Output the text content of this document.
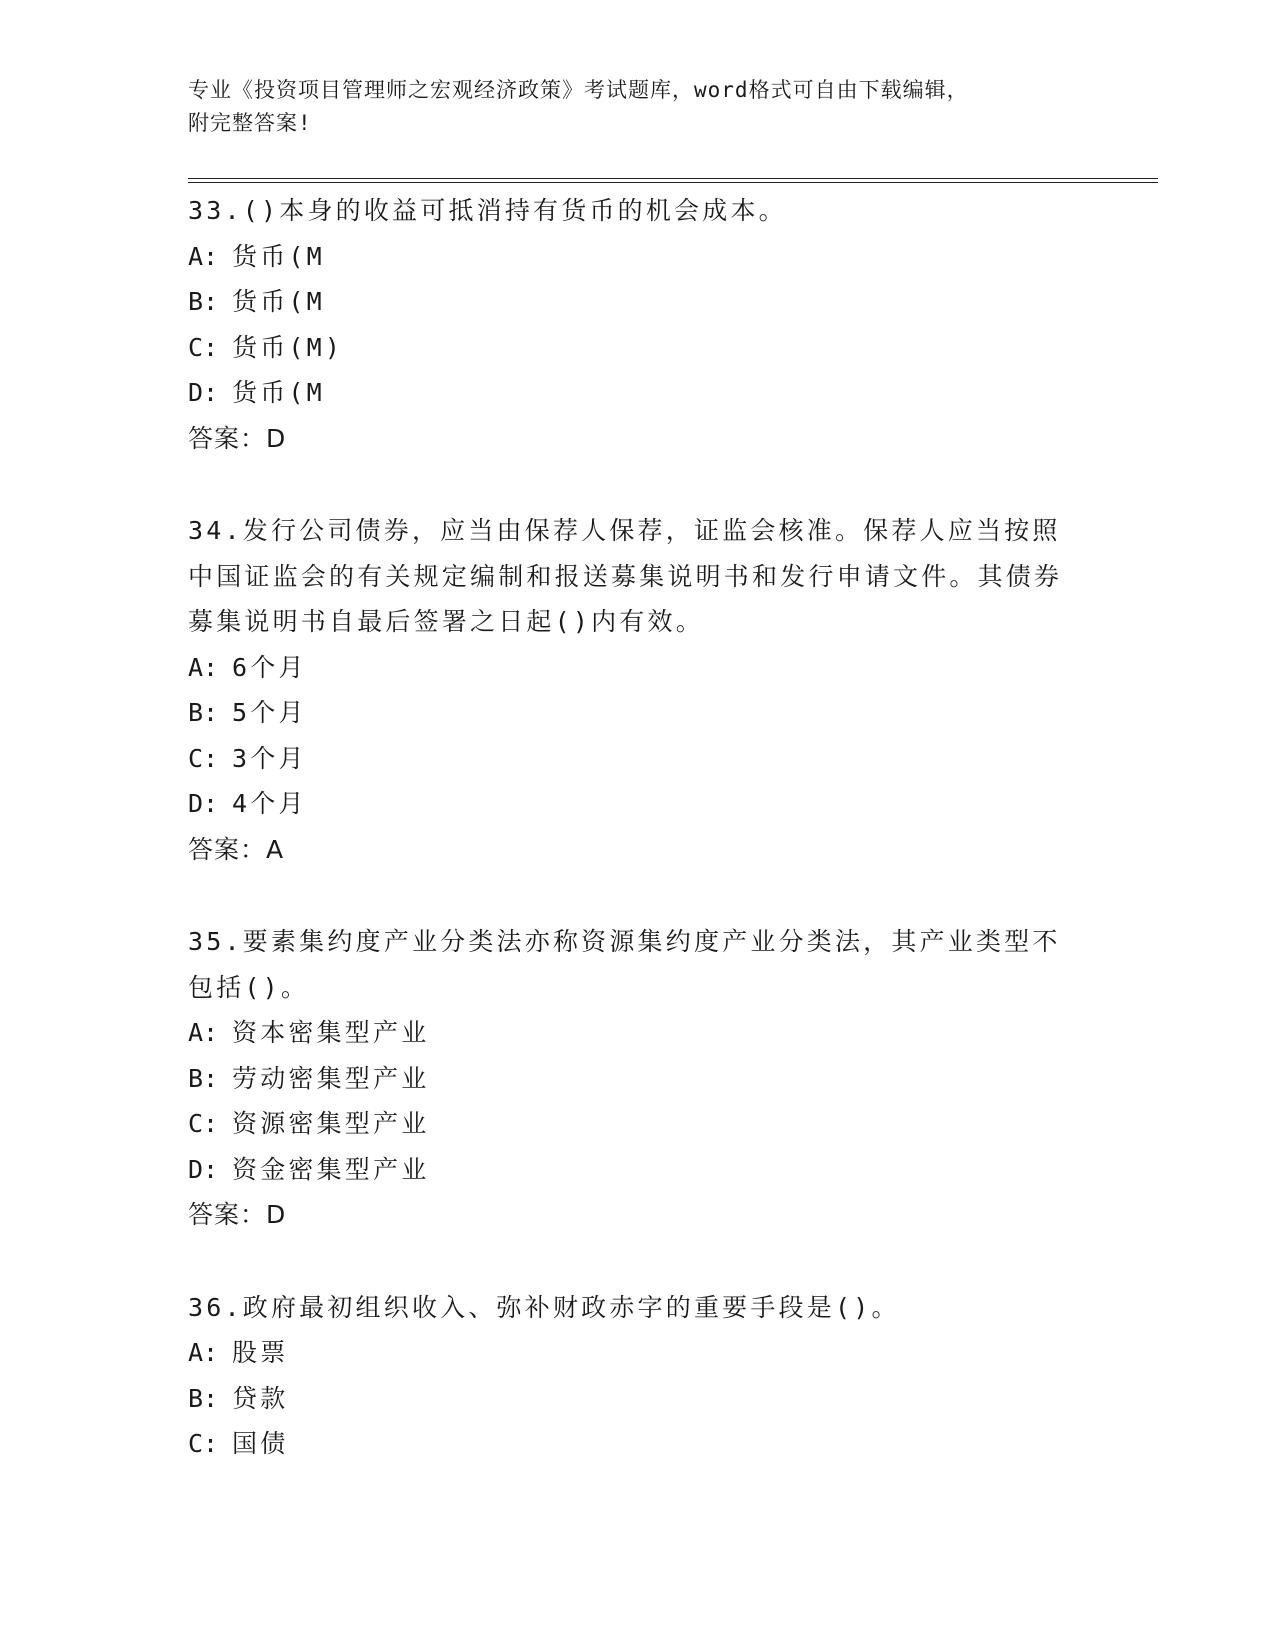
专业《投资项目管理师之宏观经济政策》考试题库，word格式可自由下载编辑，
附完整答案!

33.()本身的收益可抵消持有货币的机会成本。

A: 货币(M

B: 货币(M

C: 货币(M)

D: 货币(M

答案：D

34.发行公司债券，应当由保荐人保荐，证监会核准。保荐人应当按照中国证监会的有关规定编制和报送募集说明书和发行申请文件。其债券募集说明书自最后签署之日起()内有效。

A: 6个月

B: 5个月

C: 3个月

D: 4个月

答案：A

35.要素集约度产业分类法亦称资源集约度产业分类法，其产业类型不包括()。

A: 资本密集型产业

B: 劳动密集型产业

C: 资源密集型产业

D: 资金密集型产业

答案：D

36.政府最初组织收入、弥补财政赤字的重要手段是()。

A: 股票

B: 贷款

C: 国债
